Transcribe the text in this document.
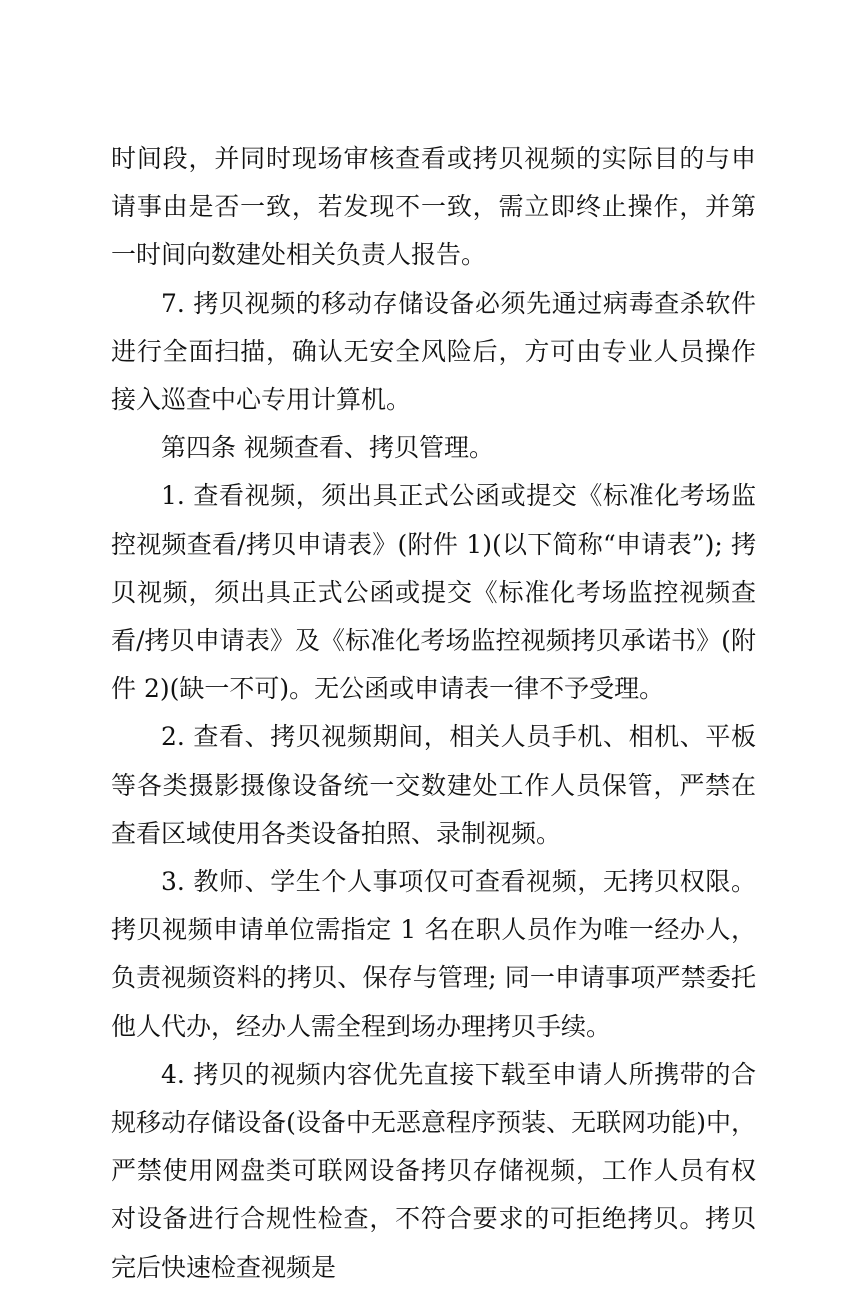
时间段，并同时现场审核查看或拷贝视频的实际目的与申请事由是否一致，若发现不一致，需立即终止操作，并第一时间向数建处相关负责人报告。

7. 拷贝视频的移动存储设备必须先通过病毒查杀软件进行全面扫描，确认无安全风险后，方可由专业人员操作接入巡查中心专用计算机。

第四条 视频查看、拷贝管理。

1. 查看视频，须出具正式公函或提交《标准化考场监控视频查看/拷贝申请表》(附件 1)(以下简称“申请表”); 拷贝视频，须出具正式公函或提交《标准化考场监控视频查看/拷贝申请表》及《标准化考场监控视频拷贝承诺书》(附件 2)(缺一不可)。无公函或申请表一律不予受理。

2. 查看、拷贝视频期间，相关人员手机、相机、平板等各类摄影摄像设备统一交数建处工作人员保管，严禁在查看区域使用各类设备拍照、录制视频。

3. 教师、学生个人事项仅可查看视频，无拷贝权限。拷贝视频申请单位需指定 1 名在职人员作为唯一经办人，负责视频资料的拷贝、保存与管理; 同一申请事项严禁委托他人代办，经办人需全程到场办理拷贝手续。

4. 拷贝的视频内容优先直接下载至申请人所携带的合规移动存储设备(设备中无恶意程序预装、无联网功能)中，严禁使用网盘类可联网设备拷贝存储视频，工作人员有权对设备进行合规性检查，不符合要求的可拒绝拷贝。拷贝完后快速检查视频是
